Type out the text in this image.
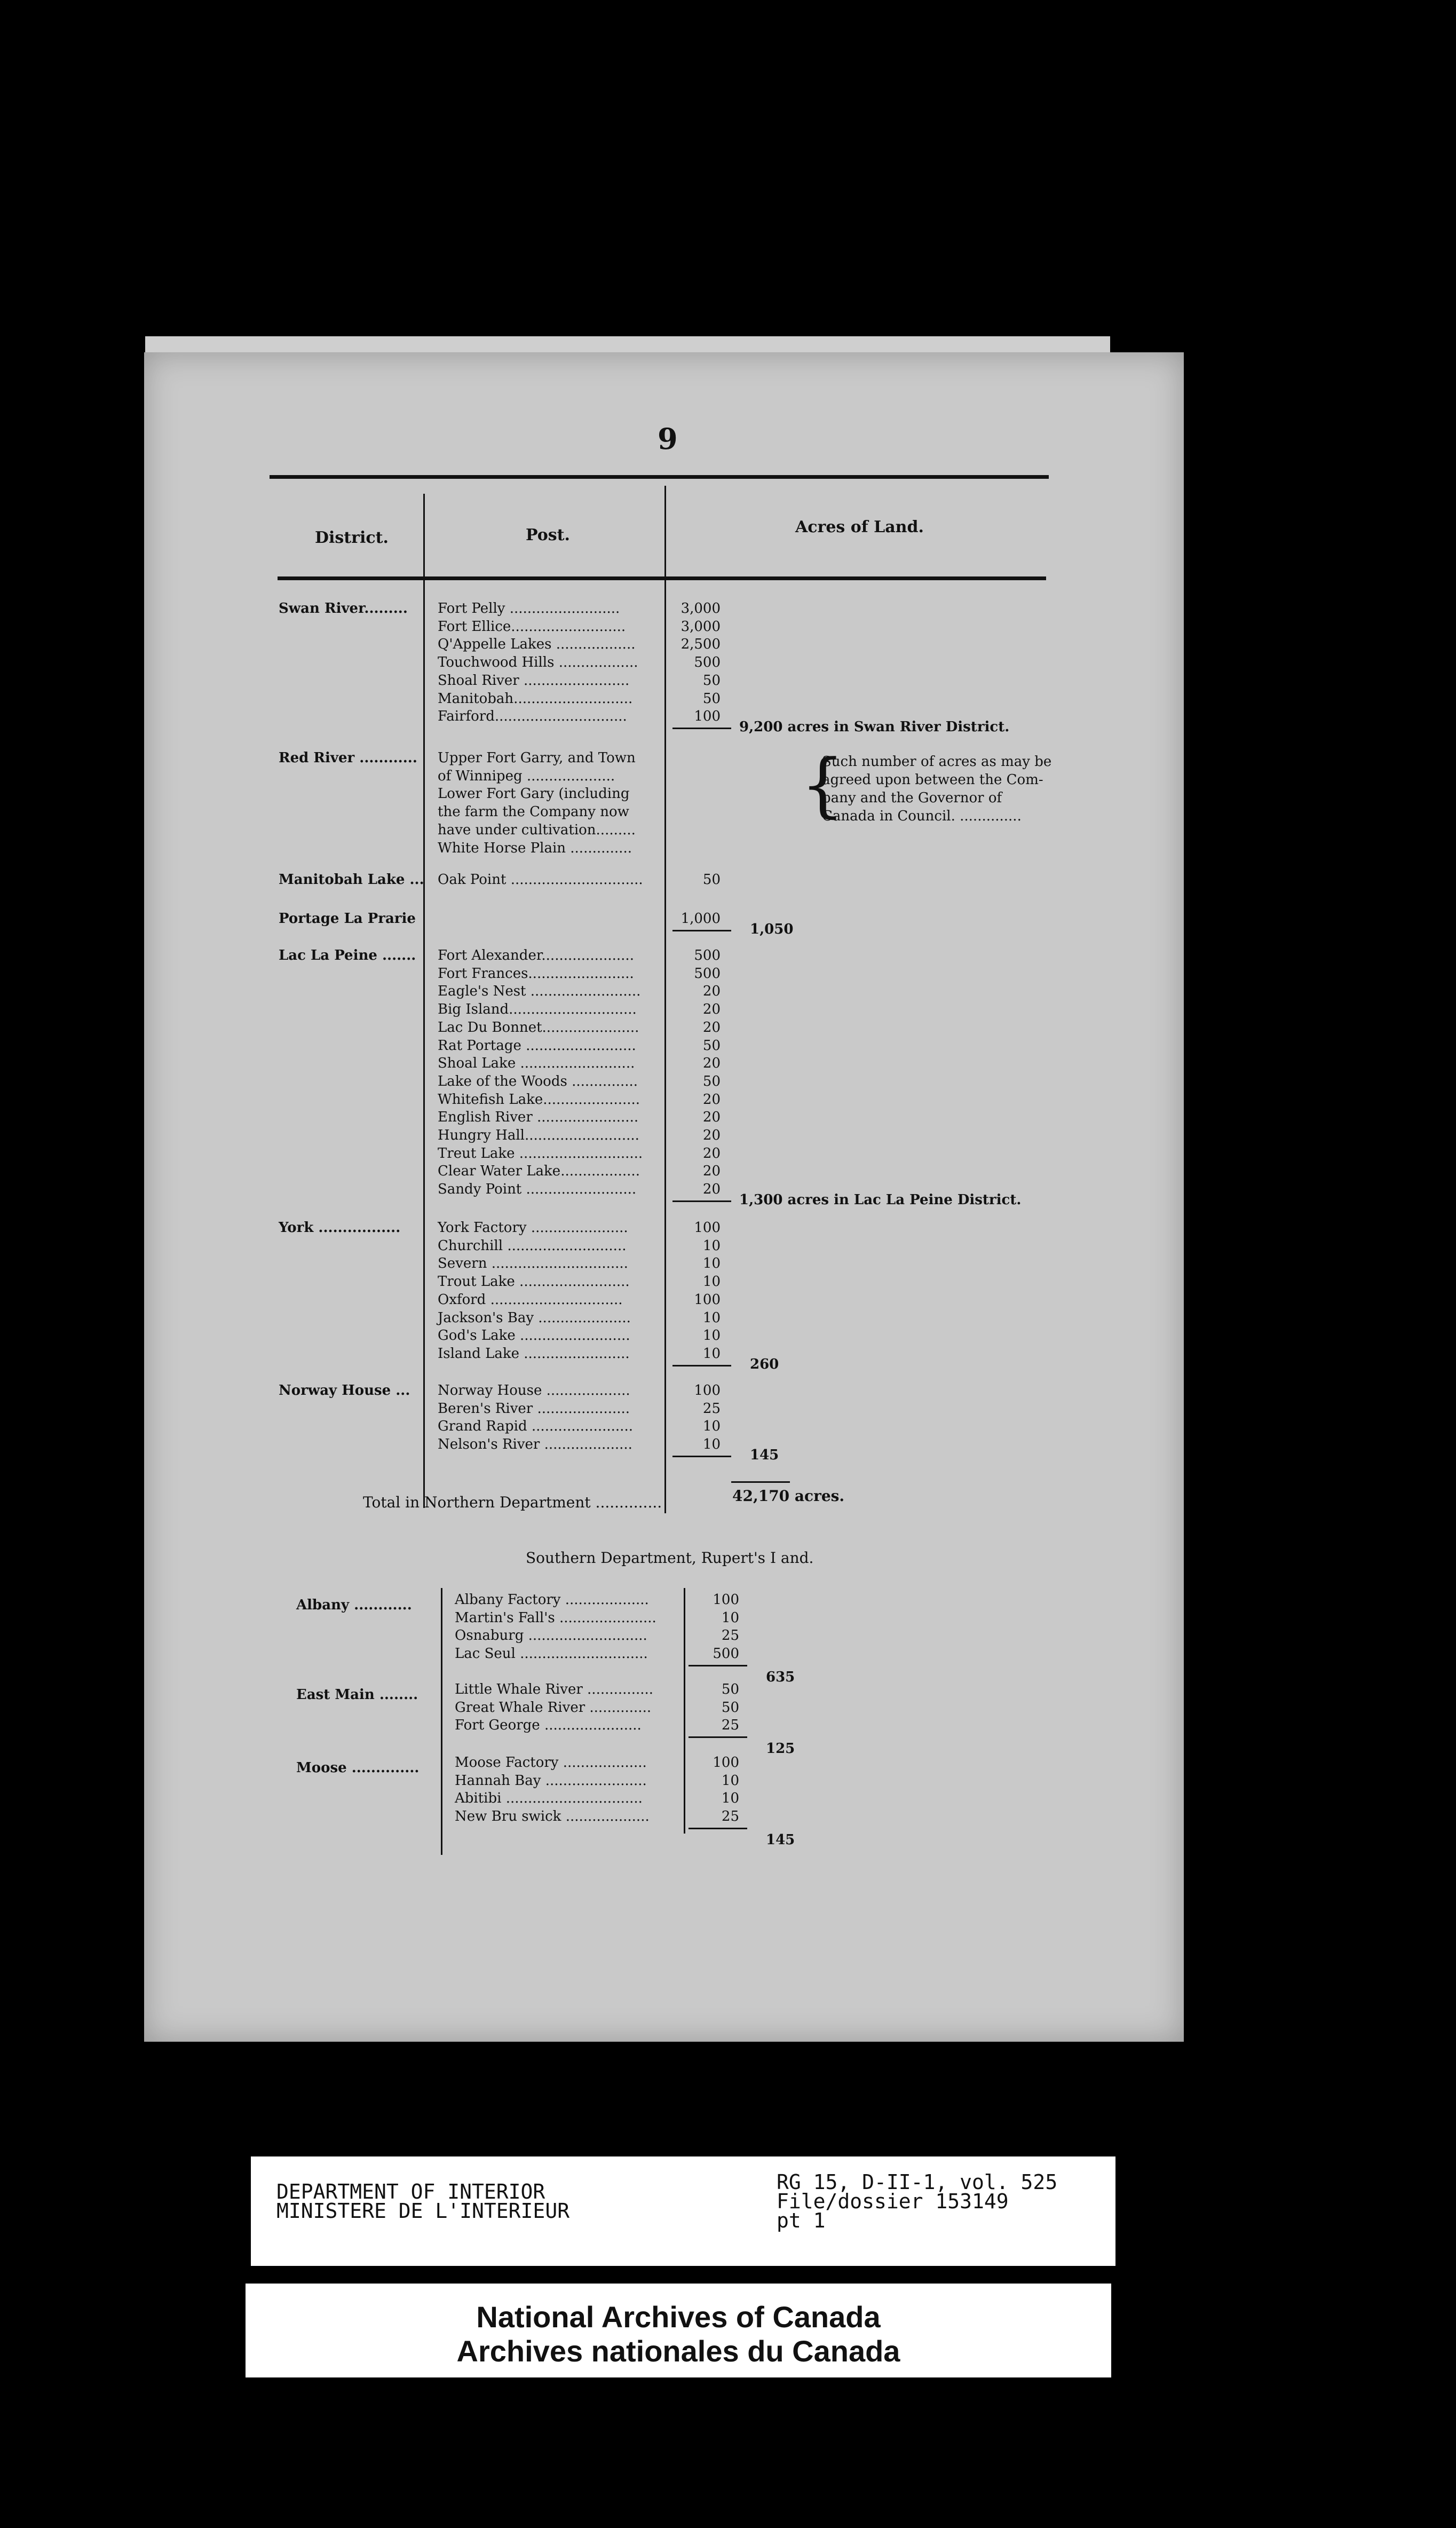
9
District.	Post.	Acres of Land.
Swan River......... Fort Pelly .........................	3,000
Fort Ellice..........................	3,000
Q'Appelle Lakes ..................	2,500
Touchwood Hills ..................	500
Shoal River ........................	50
Manitobah...........................	50
Fairford..............................	100
9,200 acres in Swan River District.
Red River ............ Upper Fort Garry, and Town
of Winnipeg ....................
Lower Fort Gary (including
the farm the Company now
have under cultivation.........
White Horse Plain ..............
Such number of acres as may be
agreed upon between the Com-
pany and the Governor of
Canada in Council. ..............
{
Manitobah Lake ... Oak Point ..............................	50
Portage La Prarie	1,000
1,050
Lac La Peine ....... Fort Alexander.....................	500
Fort Frances........................	500
Eagle's Nest .........................	20
Big Island.............................	20
Lac Du Bonnet......................	20
Rat Portage .........................	50
Shoal Lake ..........................	20
Lake of the Woods ...............	50
Whitefish Lake......................	20
English River .......................	20
Hungry Hall..........................	20
Treut Lake ............................	20
Clear Water Lake..................	20
Sandy Point .........................	20
1,300 acres in Lac La Peine District.
York .................	York Factory ......................	100
Churchill ...........................	10
Severn ...............................	10
Trout Lake .........................	10
Oxford ..............................	100
Jackson's Bay .....................	10
God's Lake .........................	10
Island Lake ........................	10
260
Norway House ... Norway House ...................	100
Beren's River .....................	25
Grand Rapid .......................	10
Nelson's River ....................	10
145
Total in Northern Department ..............	42,170 acres.
Southern Department, Rupert's I and.
Albany ............	Albany Factory ...................	100
Martin's Fall's ......................	10
Osnaburg ...........................	25
Lac Seul .............................	500
635
East Main ........	Little Whale River ...............	50
Great Whale River ..............	50
Fort George ......................	25
125
Moose ..............	Moose Factory ...................	100
Hannah Bay .......................	10
Abitibi ...............................	10
New Bru swick ...................	25
145
DEPARTMENT OF INTERIOR
MINISTERE DE L'INTERIEUR
RG 15, D-II-1, vol. 525
File/dossier 153149
pt 1
National Archives of Canada
Archives nationales du Canada
